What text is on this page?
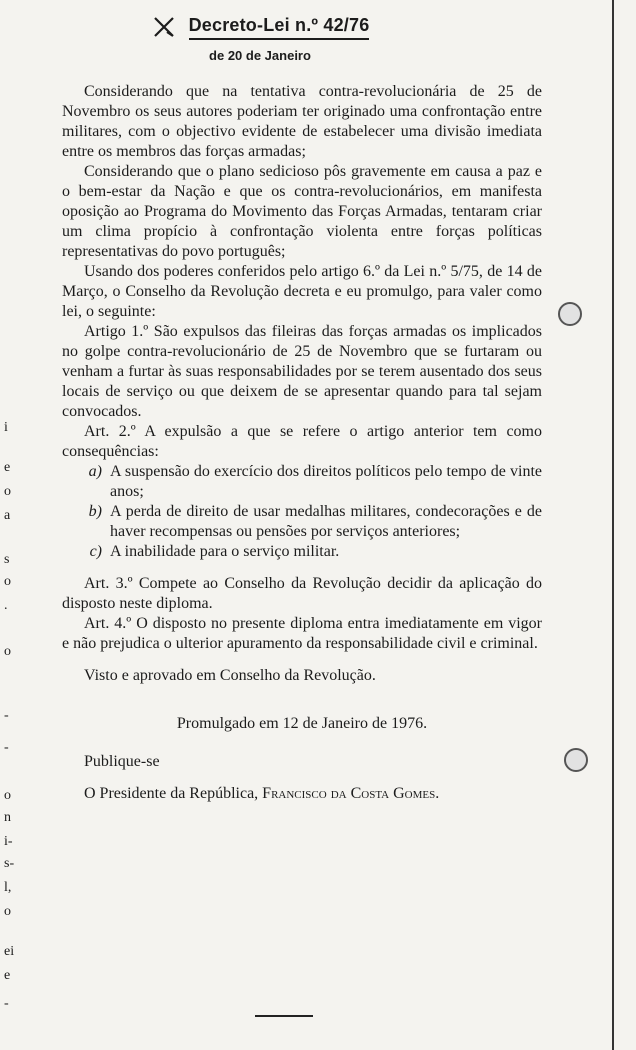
i
e
o
a
s
o
.
o
-
-
o
n
i-
s-
l,
o
ei
e
-
Decreto-Lei n.º 42/76
de 20 de Janeiro

Considerando que na tentativa contra-revolucionária de 25 de Novembro os seus autores poderiam ter originado uma confrontação entre militares, com o objectivo evidente de estabelecer uma divisão imediata entre os membros das forças armadas;

Considerando que o plano sedicioso pôs gravemente em causa a paz e o bem-estar da Nação e que os contra-revolucionários, em manifesta oposição ao Programa do Movimento das Forças Armadas, tentaram criar um clima propício à confrontação violenta entre forças políticas representativas do povo português;

Usando dos poderes conferidos pelo artigo 6.º da Lei n.º 5/75, de 14 de Março, o Conselho da Revolução decreta e eu promulgo, para valer como lei, o seguinte:

Artigo 1.º São expulsos das fileiras das forças armadas os implicados no golpe contra-revolucionário de 25 de Novembro que se furtaram ou venham a furtar às suas responsabilidades por se terem ausentado dos seus locais de serviço ou que deixem de se apresentar quando para tal sejam convocados.

Art. 2.º A expulsão a que se refere o artigo anterior tem como consequências:

a) A suspensão do exercício dos direitos políticos pelo tempo de vinte anos;
b) A perda de direito de usar medalhas militares, condecorações e de haver recompensas ou pensões por serviços anteriores;
c) A inabilidade para o serviço militar.

Art. 3.º Compete ao Conselho da Revolução decidir da aplicação do disposto neste diploma.

Art. 4.º O disposto no presente diploma entra imediatamente em vigor e não prejudica o ulterior apuramento da responsabilidade civil e criminal.

Visto e aprovado em Conselho da Revolução.

Promulgado em 12 de Janeiro de 1976.

Publique-se

O Presidente da República, Francisco da Costa Gomes.
